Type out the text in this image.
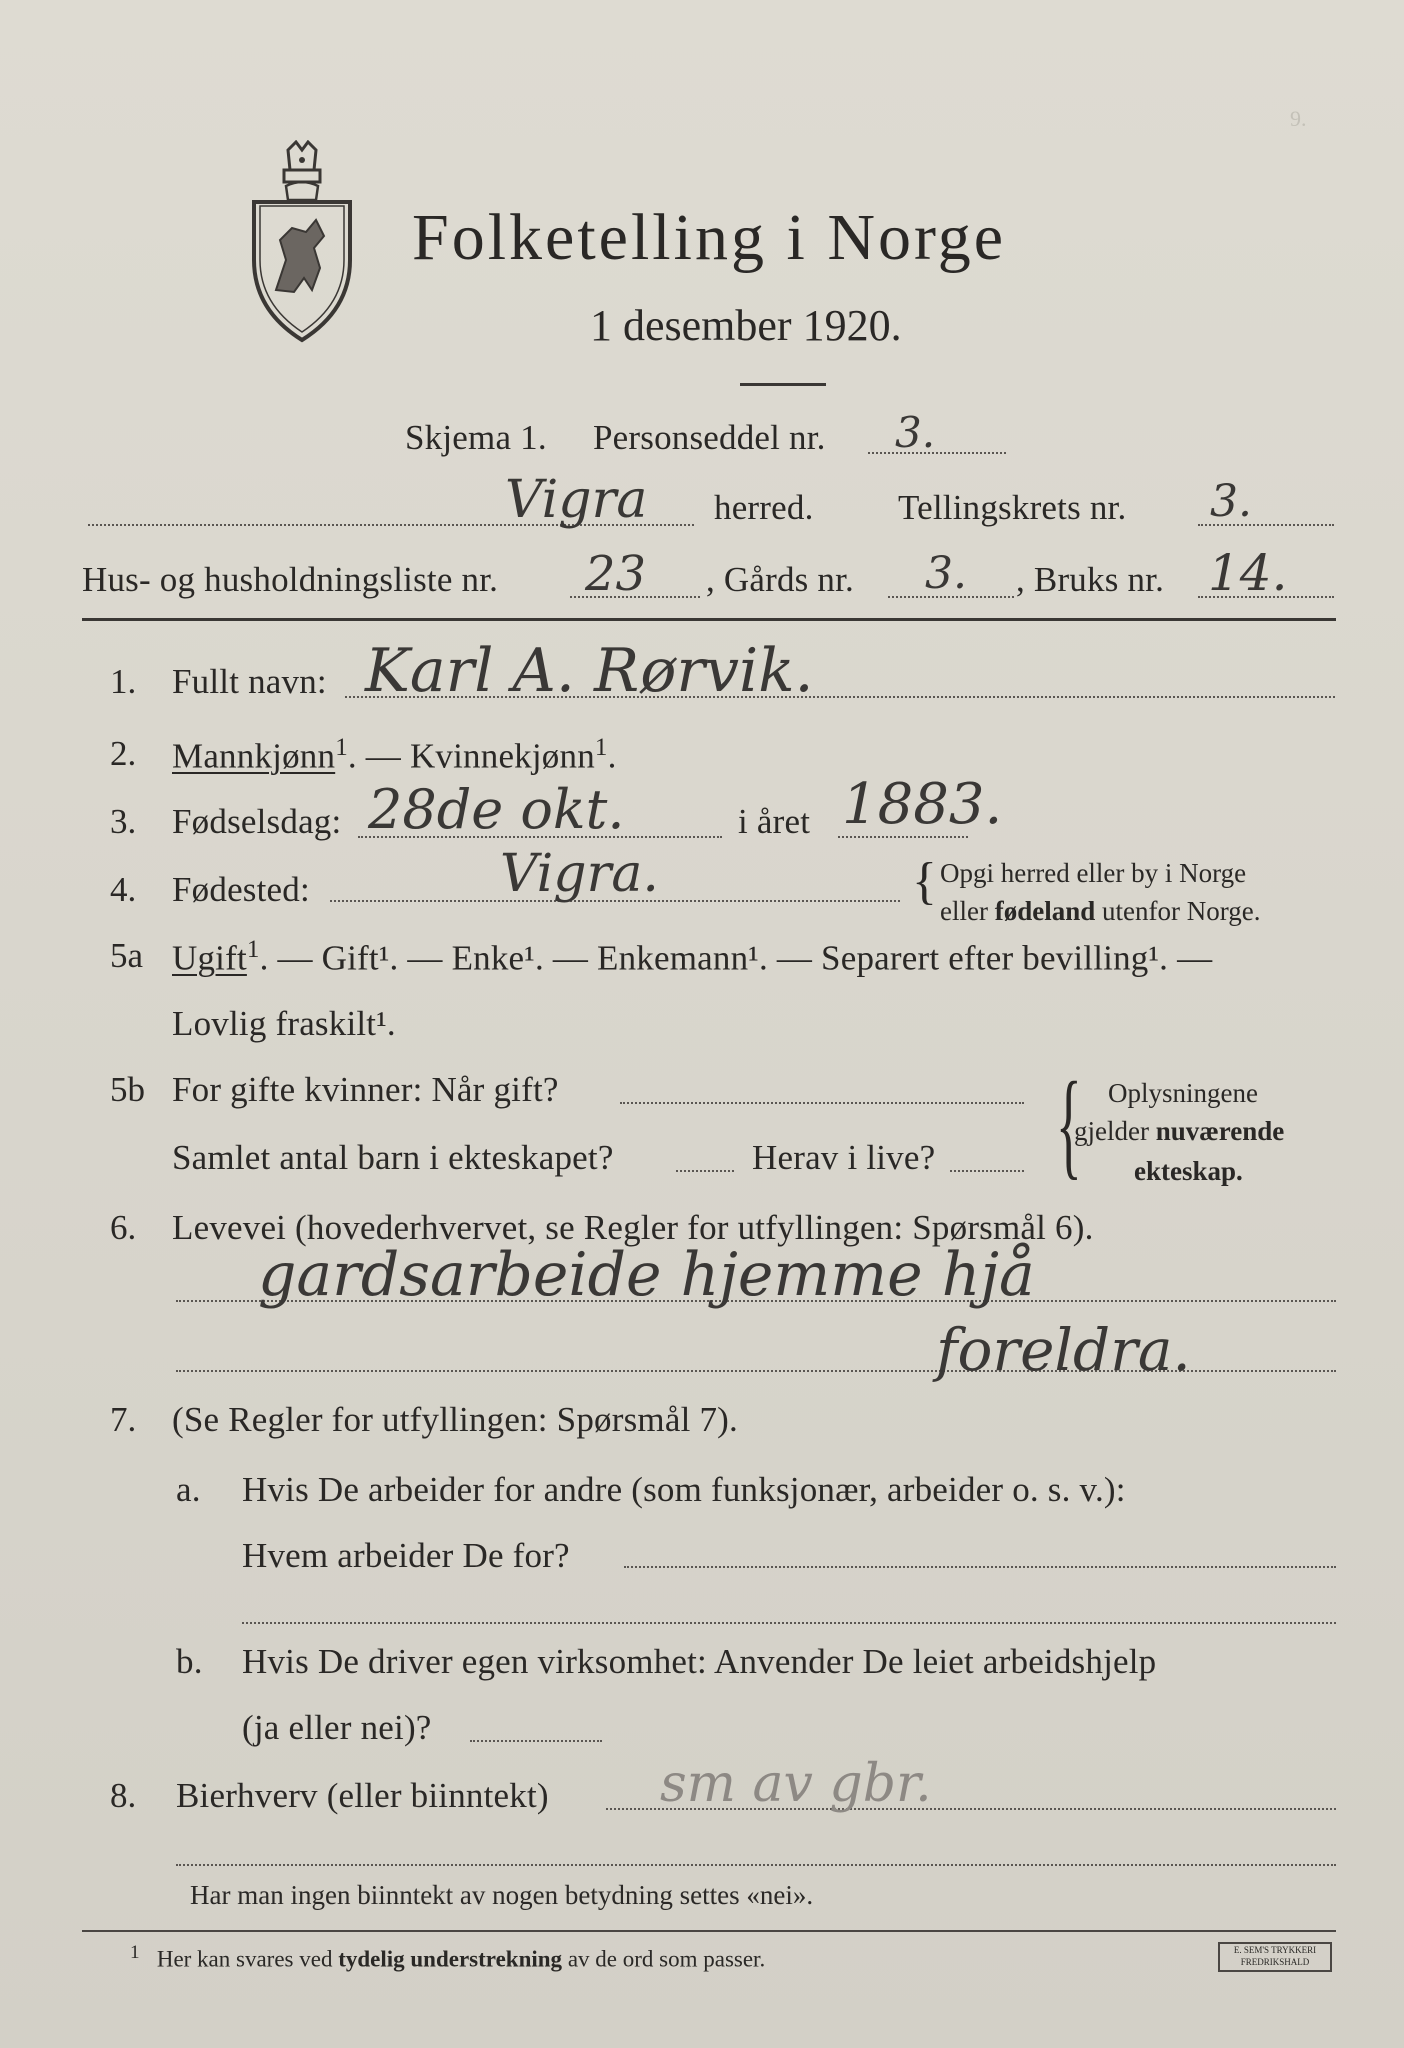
9.
Folketelling i Norge
1 desember 1920.
Skjema 1. Personseddel nr. 3.
Vigra herred. Tellingskrets nr. 3.
Hus- og husholdningsliste nr. 23 , Gårds nr. 3. , Bruks nr. 14.
1. Fullt navn: Karl A. Rørvik.
2. Mannkjønn$^1$. — Kvinnekjønn$^1$.
3. Fødselsdag: 28de okt.	i året 1883.
4. Fødested:	Vigra.	{ Opgi herred eller by i Norge
eller fødeland utenfor Norge.
5a Ugift$^1$. — Gift¹. — Enke¹. — Enkemann¹. — Separert efter bevilling¹. —
Lovlig fraskilt¹.
5b For gifte kvinner: Når gift?
Samlet antal barn i ekteskapet?	Herav i live? { Oplysningene
gjelder nuværende
ekteskap.
6. Levevei (hovederhvervet, se Regler for utfyllingen: Spørsmål 6).
gardsarbeide hjemme hjå
foreldra.
7. (Se Regler for utfyllingen: Spørsmål 7).
a. Hvis De arbeider for andre (som funksjonær, arbeider o. s. v.):
Hvem arbeider De for?
b. Hvis De driver egen virksomhet: Anvender De leiet arbeidshjelp
(ja eller nei)?
8. Bierhverv (eller biinntekt) sm av gbr.
Har man ingen biinntekt av nogen betydning settes «nei».
$^1$ Her kan svares ved tydelig understrekning av de ord som passer.	E. SEM'S TRYKKERI FREDRIKSHALD
